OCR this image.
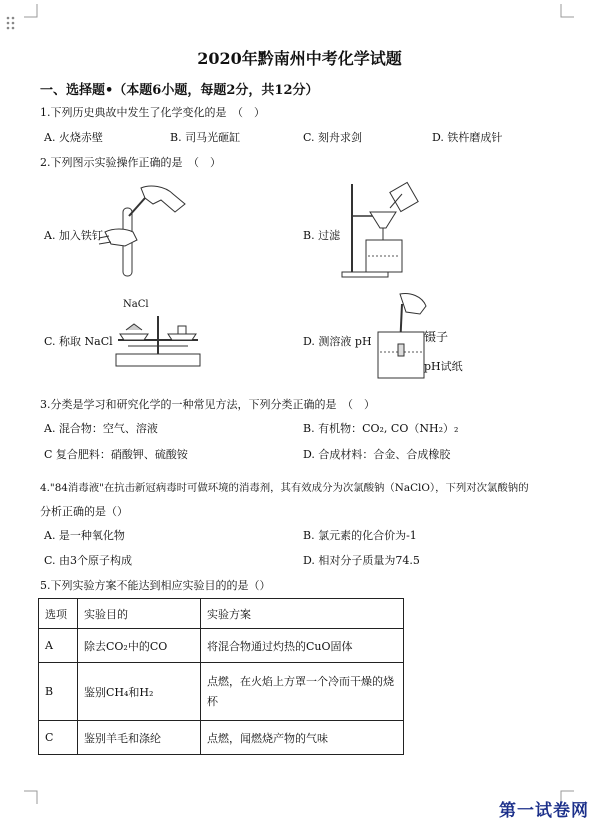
2020年黔南州中考化学试题
一、选择题•（本题6小题，每题2分，共12分）
1.下列历史典故中发生了化学变化的是　（　）
A. 火烧赤壁	B. 司马光砸缸	C. 刻舟求剑	D. 铁杵磨成针
2.下列图示实验操作正确的是　（　）
A. 加入铁钉	B. 过滤
NaCl
C. 称取 NaCl	镊子
pH试纸
D. 测溶液 pH
3.分类是学习和研究化学的一种常见方法，下列分类正确的是　（　）
A. 混合物：空气、溶液	B. 有机物：CO₂, CO（NH₂）₂
C 复合肥料：硝酸钾、硫酸铵	D. 合成材料：合金、合成橡胶
4."84消毒液"在抗击新冠病毒时可做环境的消毒剂，其有效成分为次氯酸钠（NaClO），下列对次氯酸钠的
分析正确的是（）
A. 是一种氧化物	B. 氯元素的化合价为-1
C. 由3个原子构成	D. 相对分子质量为74.5
5.下列实验方案不能达到相应实验目的的是（）
选项	实验目的	实验方案
A	除去CO₂中的CO	将混合物通过灼热的CuO固体
B	鉴别CH₄和H₂	点燃，在火焰上方罩一个冷而干燥的烧杯
C	鉴别羊毛和涤纶	点燃，闻燃烧产物的气味
第一试卷网
